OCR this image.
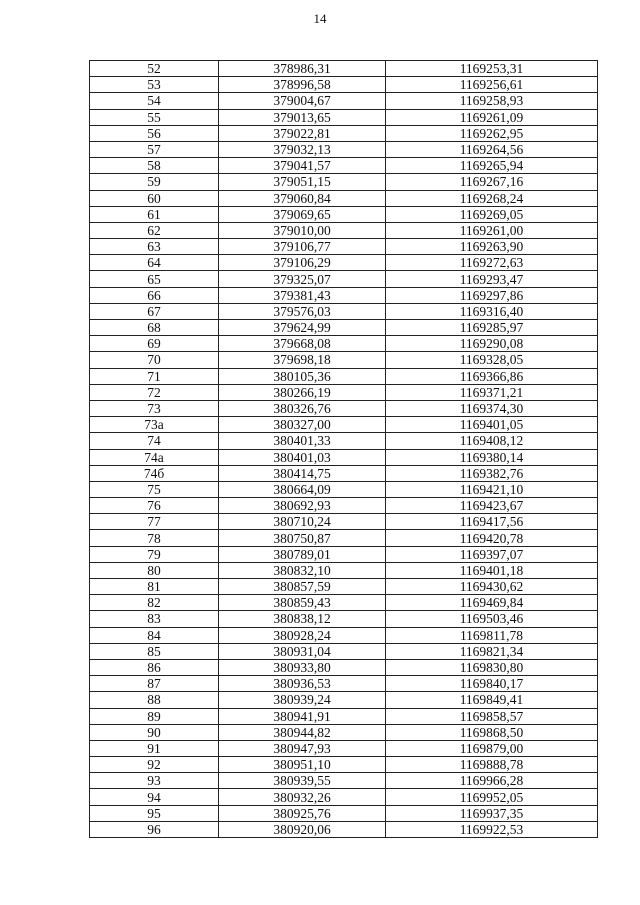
14
52	378986,31	1169253,31
53	378996,58	1169256,61
54	379004,67	1169258,93
55	379013,65	1169261,09
56	379022,81	1169262,95
57	379032,13	1169264,56
58	379041,57	1169265,94
59	379051,15	1169267,16
60	379060,84	1169268,24
61	379069,65	1169269,05
62	379010,00	1169261,00
63	379106,77	1169263,90
64	379106,29	1169272,63
65	379325,07	1169293,47
66	379381,43	1169297,86
67	379576,03	1169316,40
68	379624,99	1169285,97
69	379668,08	1169290,08
70	379698,18	1169328,05
71	380105,36	1169366,86
72	380266,19	1169371,21
73	380326,76	1169374,30
73а	380327,00	1169401,05
74	380401,33	1169408,12
74а	380401,03	1169380,14
74б	380414,75	1169382,76
75	380664,09	1169421,10
76	380692,93	1169423,67
77	380710,24	1169417,56
78	380750,87	1169420,78
79	380789,01	1169397,07
80	380832,10	1169401,18
81	380857,59	1169430,62
82	380859,43	1169469,84
83	380838,12	1169503,46
84	380928,24	1169811,78
85	380931,04	1169821,34
86	380933,80	1169830,80
87	380936,53	1169840,17
88	380939,24	1169849,41
89	380941,91	1169858,57
90	380944,82	1169868,50
91	380947,93	1169879,00
92	380951,10	1169888,78
93	380939,55	1169966,28
94	380932,26	1169952,05
95	380925,76	1169937,35
96	380920,06	1169922,53
